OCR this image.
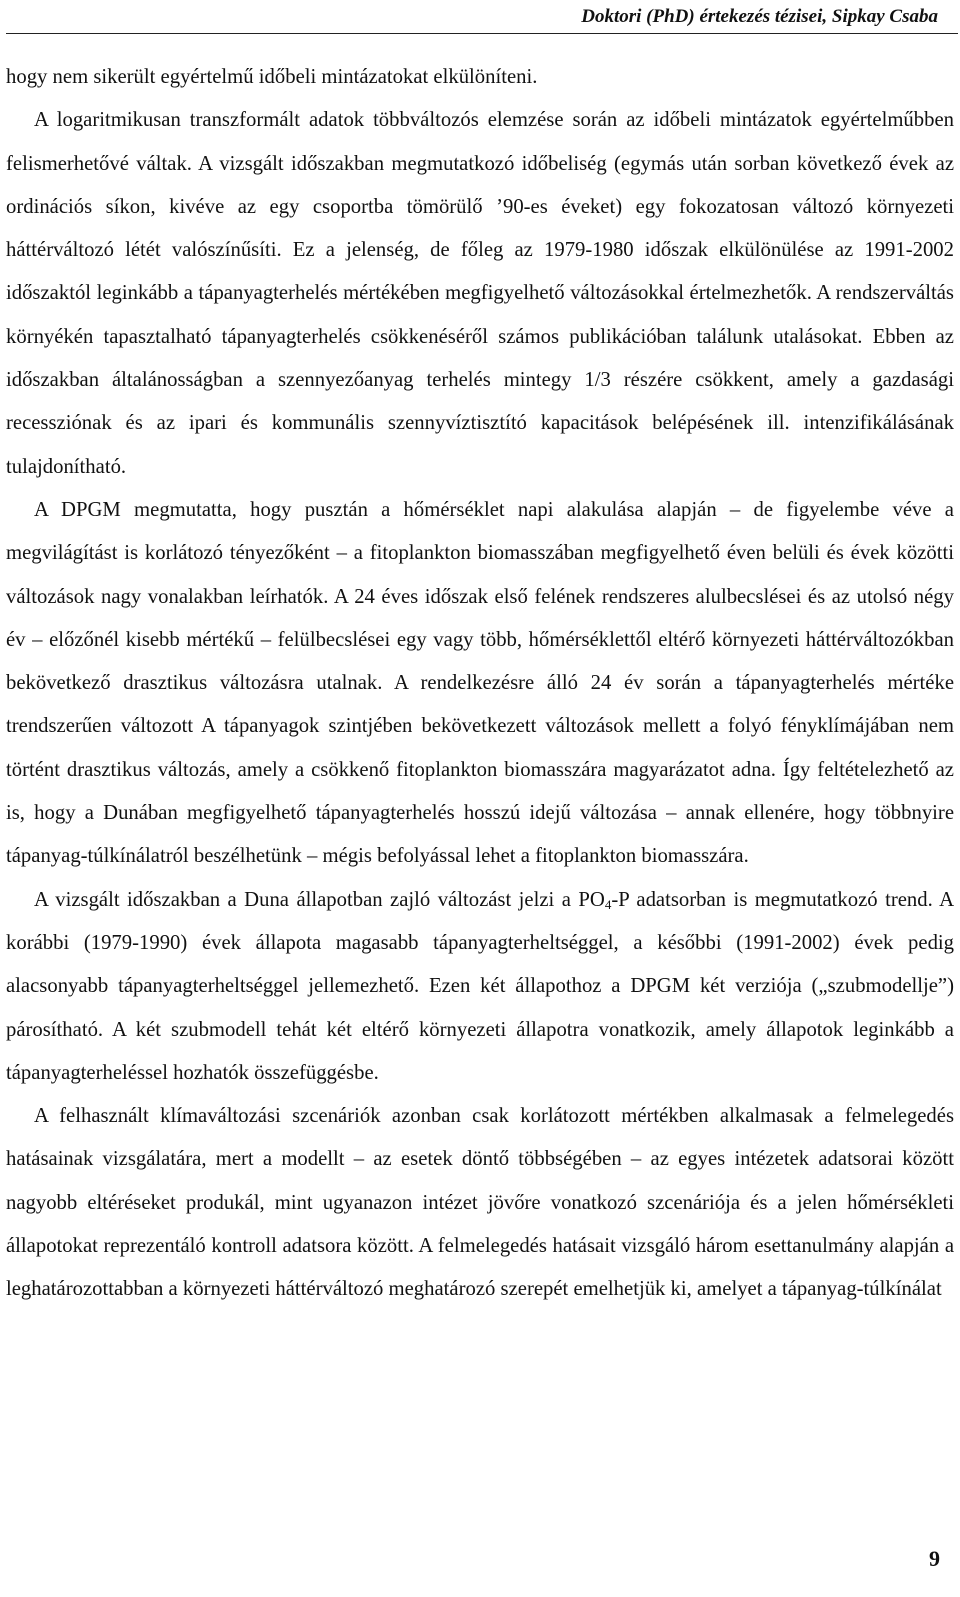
Doktori (PhD) értekezés tézisei, Sipkay Csaba

hogy nem sikerült egyértelmű időbeli mintázatokat elkülöníteni.

A logaritmikusan transzformált adatok többváltozós elemzése során az időbeli mintázatok egyértelműbben felismerhetővé váltak. A vizsgált időszakban megmutatkozó időbeliség (egymás után sorban következő évek az ordinációs síkon, kivéve az egy csoportba tömörülő ’90-es éveket) egy fokozatosan változó környezeti háttérváltozó létét valószínűsíti. Ez a jelenség, de főleg az 1979-1980 időszak elkülönülése az 1991-2002 időszaktól leginkább a tápanyagterhelés mértékében megfigyelhető változásokkal értelmezhetők. A rendszerváltás környékén tapasztalható tápanyagterhelés csökkenéséről számos publikációban találunk utalásokat. Ebben az időszakban általánosságban a szennyezőanyag terhelés mintegy 1/3 részére csökkent, amely a gazdasági recessziónak és az ipari és kommunális szennyvíztisztító kapacitások belépésének ill. intenzifikálásának tulajdonítható.

A DPGM megmutatta, hogy pusztán a hőmérséklet napi alakulása alapján – de figyelembe véve a megvilágítást is korlátozó tényezőként – a fitoplankton biomasszában megfigyelhető éven belüli és évek közötti változások nagy vonalakban leírhatók. A 24 éves időszak első felének rendszeres alulbecslései és az utolsó négy év – előzőnél kisebb mértékű – felülbecslései egy vagy több, hőmérséklettől eltérő környezeti háttérváltozókban bekövetkező drasztikus változásra utalnak. A rendelkezésre álló 24 év során a tápanyagterhelés mértéke trendszerűen változott A tápanyagok szintjében bekövetkezett változások mellett a folyó fényklímájában nem történt drasztikus változás, amely a csökkenő fitoplankton biomasszára magyarázatot adna. Így feltételezhető az is, hogy a Dunában megfigyelhető tápanyagterhelés hosszú idejű változása – annak ellenére, hogy többnyire tápanyag-túlkínálatról beszélhetünk – mégis befolyással lehet a fitoplankton biomasszára.

A vizsgált időszakban a Duna állapotban zajló változást jelzi a $PO_4-P$ adatsorban is megmutatkozó trend. A korábbi (1979-1990) évek állapota magasabb tápanyagterheltséggel, a későbbi (1991-2002) évek pedig alacsonyabb tápanyagterheltséggel jellemezhető. Ezen két állapothoz a DPGM két verziója („szubmodellje”) párosítható. A két szubmodell tehát két eltérő környezeti állapotra vonatkozik, amely állapotok leginkább a tápanyagterheléssel hozhatók összefüggésbe.

A felhasznált klímaváltozási szcenáriók azonban csak korlátozott mértékben alkalmasak a felmelegedés hatásainak vizsgálatára, mert a modellt – az esetek döntő többségében – az egyes intézetek adatsorai között nagyobb eltéréseket produkál, mint ugyanazon intézet jövőre vonatkozó szcenáriója és a jelen hőmérsékleti állapotokat reprezentáló kontroll adatsora között. A felmelegedés hatásait vizsgáló három esettanulmány alapján a leghatározottabban a környezeti háttérváltozó meghatározó szerepét emelhetjük ki, amelyet a tápanyag-túlkínálat

9
